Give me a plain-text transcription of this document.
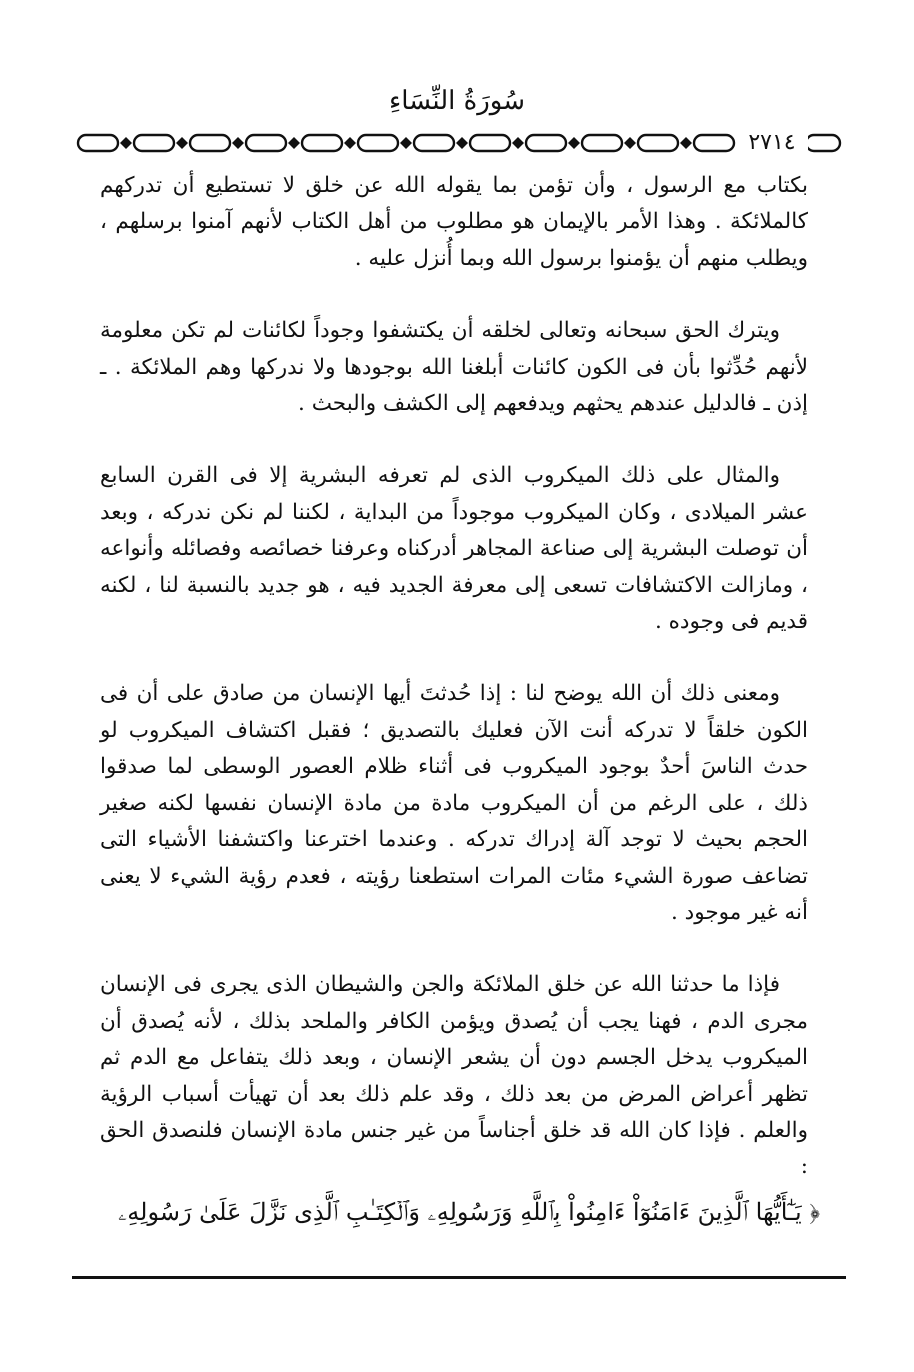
سُورَةُ النِّسَاءِ
٢٧١٤

بكتاب مع الرسول ، وأن تؤمن بما يقوله الله عن خلق لا تستطيع أن تدركهم كالملائكة . وهذا الأمر بالإيمان هو مطلوب من أهل الكتاب لأنهم آمنوا برسلهم ، ويطلب منهم أن يؤمنوا برسول الله وبما أُنزل عليه .

ويترك الحق سبحانه وتعالى لخلقه أن يكتشفوا وجوداً لكائنات لم تكن معلومة لأنهم حُدِّثوا بأن فى الكون كائنات أبلغنا الله بوجودها ولا ندركها وهم الملائكة . ـ إذن ـ فالدليل عندهم يحثهم ويدفعهم إلى الكشف والبحث .

والمثال على ذلك الميكروب الذى لم تعرفه البشرية إلا فى القرن السابع عشر الميلادى ، وكان الميكروب موجوداً من البداية ، لكننا لم نكن ندركه ، وبعد أن توصلت البشرية إلى صناعة المجاهر أدركناه وعرفنا خصائصه وفصائله وأنواعه ، ومازالت الاكتشافات تسعى إلى معرفة الجديد فيه ، هو جديد بالنسبة لنا ، لكنه قديم فى وجوده .

ومعنى ذلك أن الله يوضح لنا : إذا حُدثتَ أيها الإنسان من صادق على أن فى الكون خلقاً لا تدركه أنت الآن فعليك بالتصديق ؛ فقبل اكتشاف الميكروب لو حدث الناسَ أحدٌ بوجود الميكروب فى أثناء ظلام العصور الوسطى لما صدقوا ذلك ، على الرغم من أن الميكروب مادة من مادة الإنسان نفسها لكنه صغير الحجم بحيث لا توجد آلة إدراك تدركه . وعندما اخترعنا واكتشفنا الأشياء التى تضاعف صورة الشيء مئات المرات استطعنا رؤيته ، فعدم رؤية الشيء لا يعنى أنه غير موجود .

فإذا ما حدثنا الله عن خلق الملائكة والجن والشيطان الذى يجرى فى الإنسان مجرى الدم ، فهنا يجب أن يُصدق ويؤمن الكافر والملحد بذلك ، لأنه يُصدق أن الميكروب يدخل الجسم دون أن يشعر الإنسان ، وبعد ذلك يتفاعل مع الدم ثم تظهر أعراض المرض من بعد ذلك ، وقد علم ذلك بعد أن تهيأت أسباب الرؤية والعلم . فإذا كان الله قد خلق أجناساً من غير جنس مادة الإنسان فلنصدق الحق :

﴿ يَـٰٓأَيُّهَا ٱلَّذِينَ ءَامَنُوٓاْ ءَامِنُواْ بِٱللَّهِ وَرَسُولِهِۦ وَٱلۡكِتَـٰبِ ٱلَّذِى نَزَّلَ عَلَىٰ رَسُولِهِۦ
